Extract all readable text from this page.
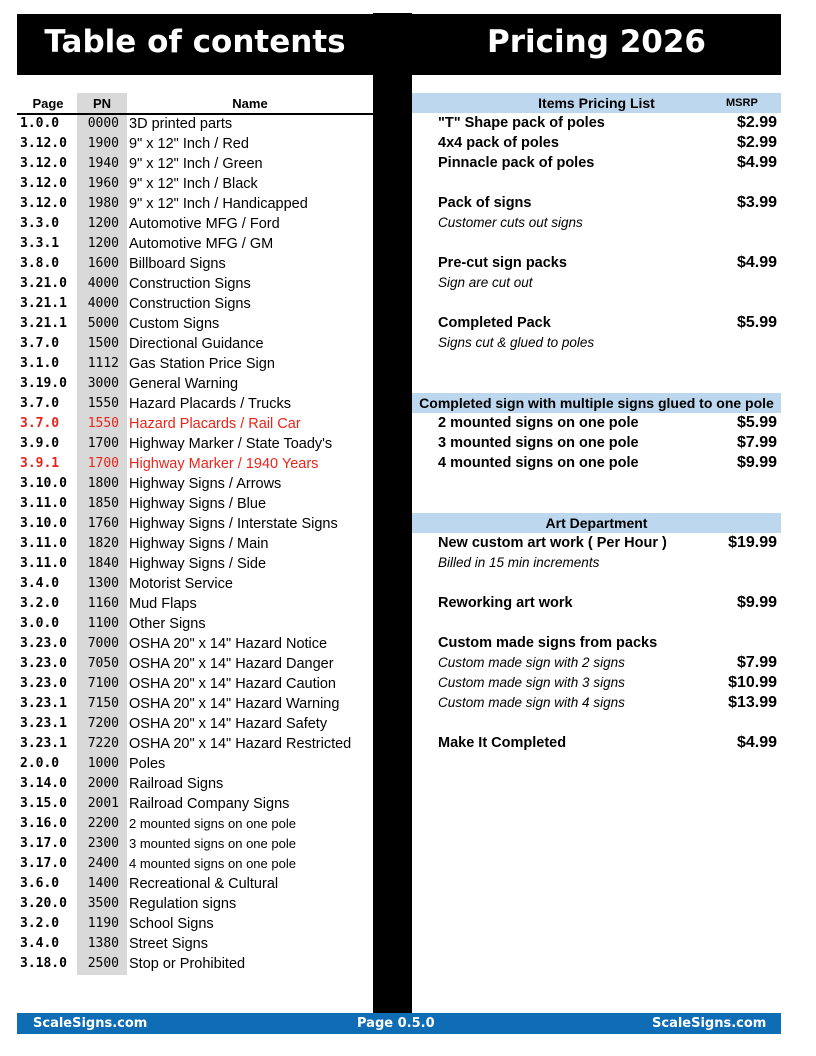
Table of contents	Pricing 2026
Page	PN	Name
1.0.0	0000 3D printed parts
3.12.0	1900 9" x 12" Inch / Red
3.12.0	1940 9" x 12" Inch / Green
3.12.0	1960 9" x 12" Inch / Black
3.12.0	1980 9" x 12" Inch / Handicapped
3.3.0	1200 Automotive MFG / Ford
3.3.1	1200 Automotive MFG / GM
3.8.0	1600 Billboard Signs
3.21.0	4000 Construction Signs
3.21.1	4000 Construction Signs
3.21.1	5000 Custom Signs
3.7.0	1500 Directional Guidance
3.1.0	1112 Gas Station Price Sign
3.19.0	3000 General Warning
3.7.0	1550 Hazard Placards / Trucks
3.7.0	1550 Hazard Placards / Rail Car
3.9.0	1700 Highway Marker / State Toady's
3.9.1	1700 Highway Marker / 1940 Years
3.10.0	1800 Highway Signs / Arrows
3.11.0	1850 Highway Signs / Blue
3.10.0	1760 Highway Signs / Interstate Signs
3.11.0	1820 Highway Signs / Main
3.11.0	1840 Highway Signs / Side
3.4.0	1300 Motorist Service
3.2.0	1160 Mud Flaps
3.0.0	1100 Other Signs
3.23.0	7000 OSHA 20" x 14" Hazard Notice
3.23.0	7050 OSHA 20" x 14" Hazard Danger
3.23.0	7100 OSHA 20" x 14" Hazard Caution
3.23.1	7150 OSHA 20" x 14" Hazard Warning
3.23.1	7200 OSHA 20" x 14" Hazard Safety
3.23.1	7220 OSHA 20" x 14" Hazard Restricted
2.0.0	1000 Poles
3.14.0	2000 Railroad Signs
3.15.0	2001 Railroad Company Signs
3.16.0	2200 2 mounted signs on one pole
3.17.0	2300 3 mounted signs on one pole
3.17.0	2400 4 mounted signs on one pole
3.6.0	1400 Recreational & Cultural
3.20.0	3500 Regulation signs
3.2.0	1190 School Signs
3.4.0	1380 Street Signs
3.18.0	2500 Stop or Prohibited
Items Pricing List	MSRP
Completed sign with multiple signs glued to one pole
Art Department
"T" Shape pack of poles	$2.99
4x4 pack of poles	$2.99
Pinnacle pack of poles	$4.99
Pack of signs	$3.99
Customer cuts out signs
Pre-cut sign packs	$4.99
Sign are cut out
Completed Pack	$5.99
Signs cut & glued to poles
2 mounted signs on one pole	$5.99
3 mounted signs on one pole	$7.99
4 mounted signs on one pole	$9.99
New custom art work ( Per Hour )	$19.99
Billed in 15 min increments
Reworking art work	$9.99
Custom made signs from packs
Custom made sign with 2 signs	$7.99
Custom made sign with 3 signs	$10.99
Custom made sign with 4 signs	$13.99
Make It Completed	$4.99
ScaleSigns.com	Page 0.5.0	ScaleSigns.com
